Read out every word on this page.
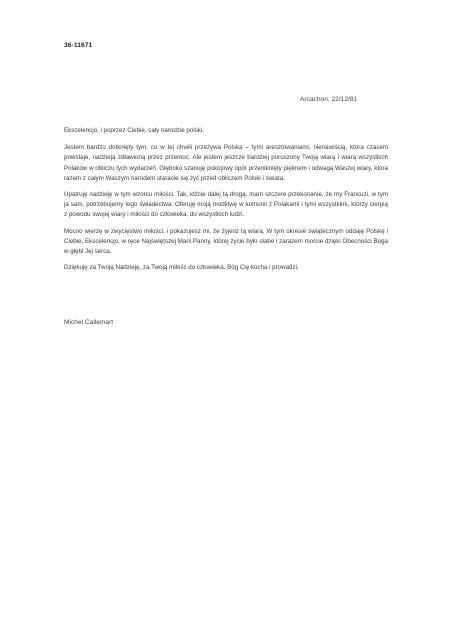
36-11671
Arcachon, 22/12/81

Ekscelencjo, i poprzez Ciebie, cały narodzie polski,

Jestem bardzo dotknięty tym, co w tej chwili przeżywa Polska – tymi aresztowaniami, nienawiścią, która czasem powstaje, nadzieją zdławioną przez przemoc. Ale jestem jeszcze bardziej poruszony Twoją wiarą i wiarą wszystkich Polaków w obliczu tych wydarzeń. Głęboko szanuję pokojowy opór przeniknięty pięknem i odwagą Waszej wiary, która razem z całym Waszym narodem staracie się żyć przed obliczem Polski i świata.

Upatruję nadzieję w tym wzorcu miłości. Tak, idźcie dalej tą drogą, mam szczere przekonanie, że my Francuzi, w tym ja sam, potrzebujemy tego świadectwa. Oferuję moją modlitwę w komunii z Polakami i tymi wszystkimi, którzy cierpią z powodu swojej wiary i miłości do człowieka, do wszystkich ludzi.

Mocno wierzę w zwycięstwo miłości, i pokazujesz mi, że żyjesz tą wiarą. W tym okresie świątecznym oddaję Polskę i Ciebie, Ekscelencjo, w ręce Najświętszej Marii Panny, której życie było słabe i zarazem mocne dzięki Obecności Boga w głębi Jej serca.

Dziękuję za Twoją Nadzieję, za Twoją miłość do człowieka, Bóg Cię kocha i prowadzi,

Michel Callemart
